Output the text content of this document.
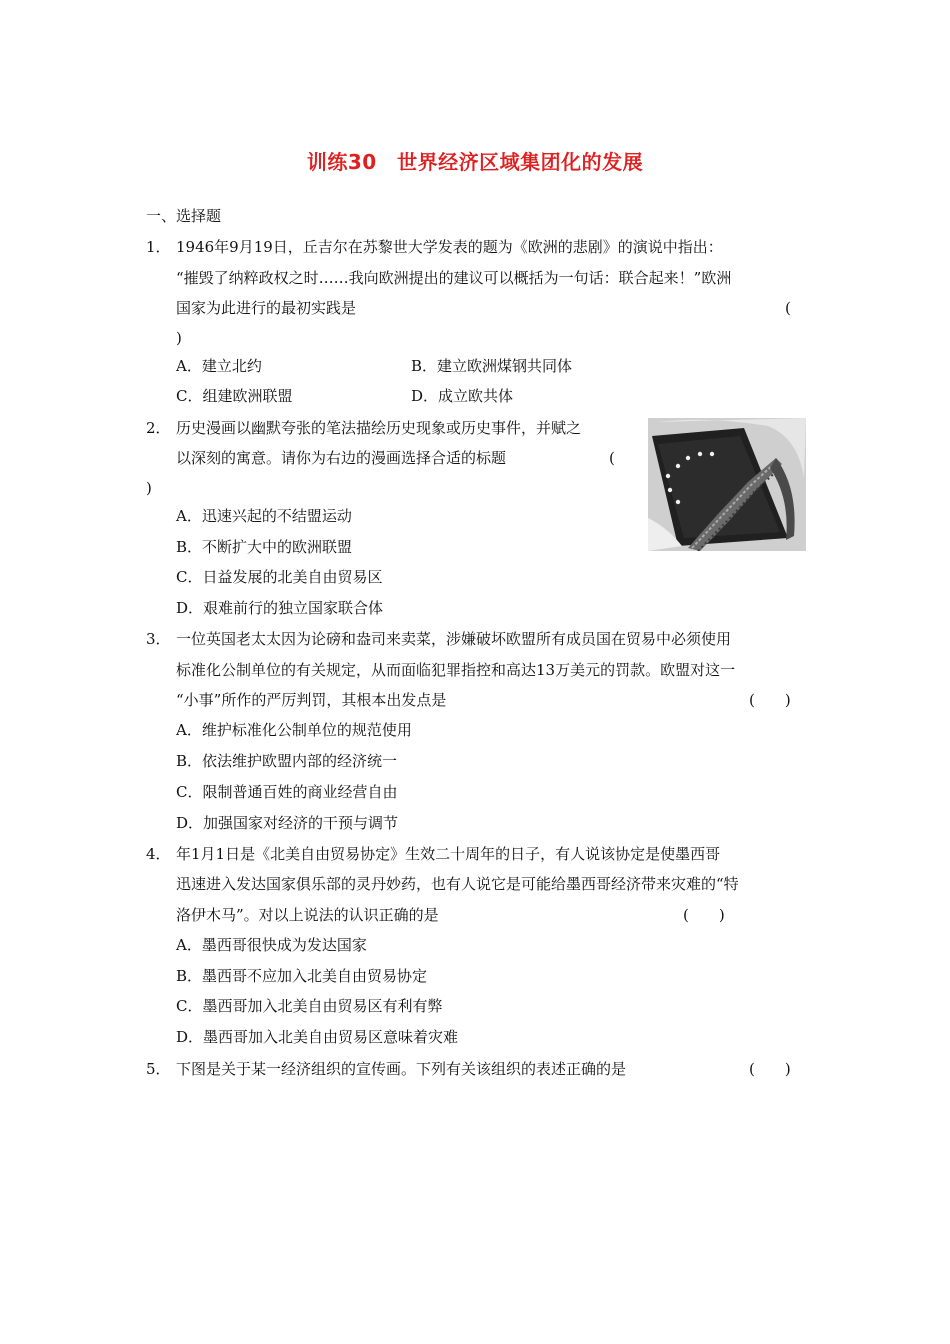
训练30　世界经济区域集团化的发展
一、选择题
1． 1946年9月19日，丘吉尔在苏黎世大学发表的题为《欧洲的悲剧》的演说中指出：
“摧毁了纳粹政权之时……我向欧洲提出的建议可以概括为一句话：联合起来！”欧洲
国家为此进行的最初实践是	(
)
A．建立北约	B．建立欧洲煤钢共同体
C．组建欧洲联盟	D．成立欧共体
2． 历史漫画以幽默夸张的笔法描绘历史现象或历史事件，并赋之
以深刻的寓意。请你为右边的漫画选择合适的标题	(
)
A．迅速兴起的不结盟运动
B．不断扩大中的欧洲联盟
C．日益发展的北美自由贸易区
D．艰难前行的独立国家联合体
3． 一位英国老太太因为论磅和盎司来卖菜，涉嫌破坏欧盟所有成员国在贸易中必须使用
标准化公制单位的有关规定，从而面临犯罪指控和高达13万美元的罚款。欧盟对这一
“小事”所作的严厉判罚，其根本出发点是	(　　)
A．维护标准化公制单位的规范使用
B．依法维护欧盟内部的经济统一
C．限制普通百姓的商业经营自由
D．加强国家对经济的干预与调节
4． 年1月1日是《北美自由贸易协定》生效二十周年的日子，有人说该协定是使墨西哥
迅速进入发达国家俱乐部的灵丹妙药，也有人说它是可能给墨西哥经济带来灾难的“特
洛伊木马”。对以上说法的认识正确的是	(　　)
A．墨西哥很快成为发达国家
B．墨西哥不应加入北美自由贸易协定
C．墨西哥加入北美自由贸易区有利有弊
D．墨西哥加入北美自由贸易区意味着灾难
5． 下图是关于某一经济组织的宣传画。下列有关该组织的表述正确的是	(　　)
